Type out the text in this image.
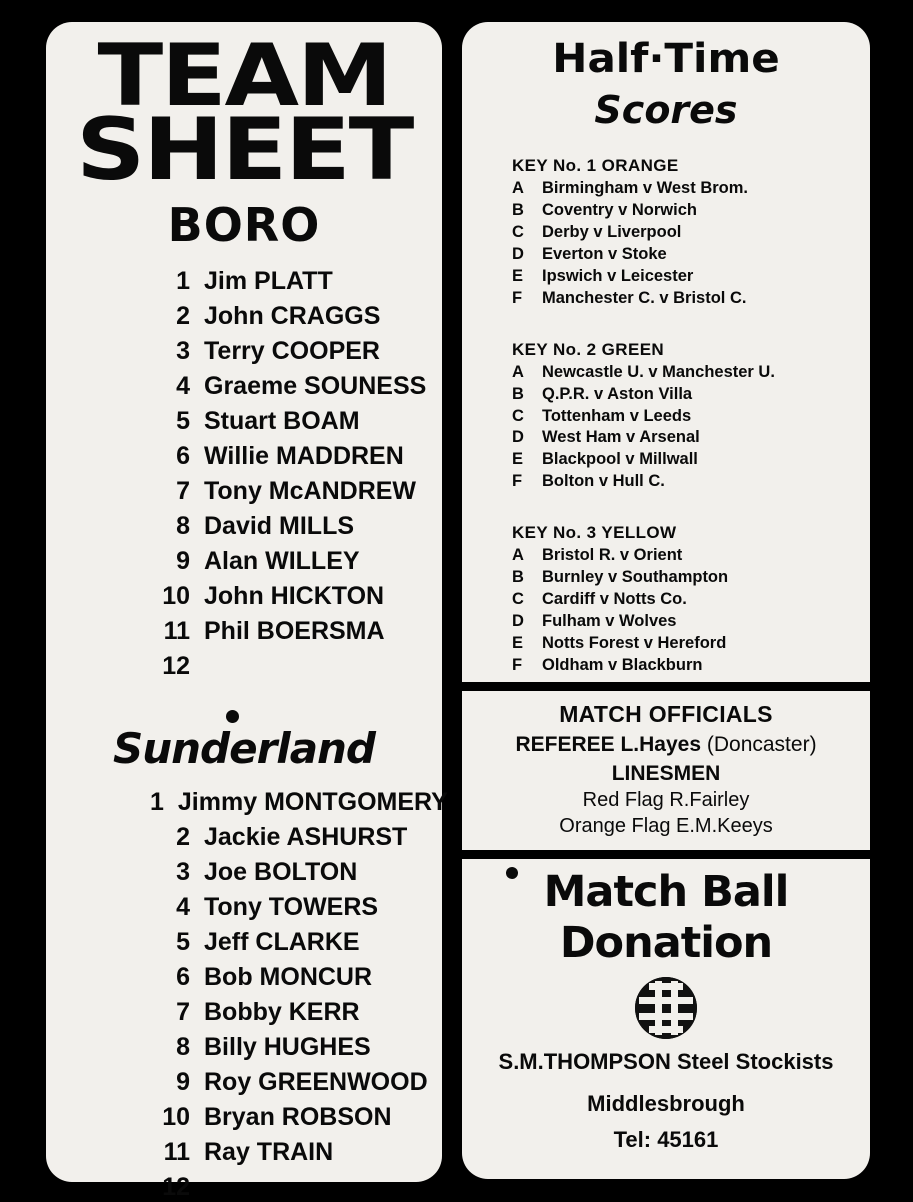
TEAM
SHEET
BORO
1 Jim PLATT
2 John CRAGGS
3 Terry COOPER
4 Graeme SOUNESS
5 Stuart BOAM
6 Willie MADDREN
7 Tony McANDREW
8 David MILLS
9 Alan WILLEY
10 John HICKTON
11 Phil BOERSMA
12
Sunderland
1 Jimmy MONTGOMERY
2 Jackie ASHURST
3 Joe BOLTON
4 Tony TOWERS
5 Jeff CLARKE
6 Bob MONCUR
7 Bobby KERR
8 Billy HUGHES
9 Roy GREENWOOD
10 Bryan ROBSON
11 Ray TRAIN
12
Half·Time
Scores
KEY No. 1 ORANGE
A	Birmingham v West Brom.
B	Coventry v Norwich
C	Derby v Liverpool
D	Everton v Stoke
E	Ipswich v Leicester
F	Manchester C. v Bristol C.
KEY No. 2 GREEN
A	Newcastle U. v Manchester U.
B	Q.P.R. v Aston Villa
C	Tottenham v Leeds
D	West Ham v Arsenal
E	Blackpool v Millwall
F	Bolton v Hull C.
KEY No. 3 YELLOW
A	Bristol R. v Orient
B	Burnley v Southampton
C	Cardiff v Notts Co.
D	Fulham v Wolves
E	Notts Forest v Hereford
F	Oldham v Blackburn
MATCH OFFICIALS
REFEREE L.Hayes (Doncaster)
LINESMEN
Red Flag R.Fairley
Orange Flag E.M.Keeys
Match Ball
Donation
S.M.THOMPSON Steel Stockists
Middlesbrough
Tel: 45161
